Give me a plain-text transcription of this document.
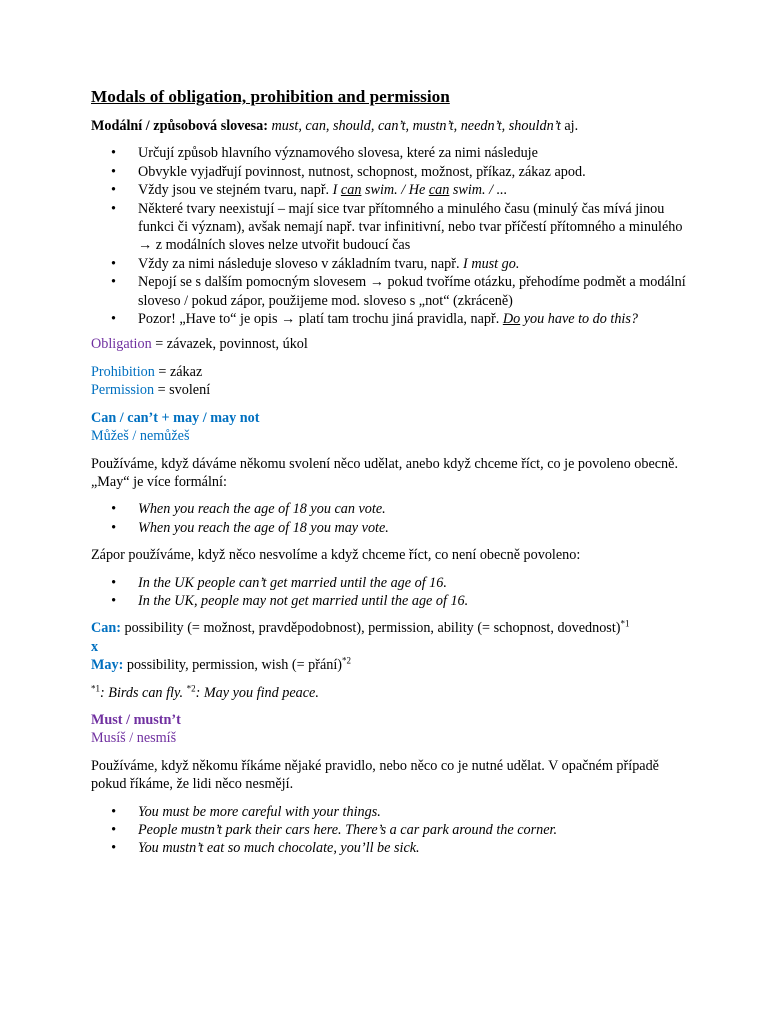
Modals of obligation, prohibition and permission

Modální / způsobová slovesa: must, can, should, can’t, mustn’t, needn’t, shouldn’t aj.

• Určují způsob hlavního významového slovesa, které za nimi následuje
• Obvykle vyjadřují povinnost, nutnost, schopnost, možnost, příkaz, zákaz apod.
• Vždy jsou ve stejném tvaru, např. I can swim. / He can swim. / ...
• Některé tvary neexistují – mají sice tvar přítomného a minulého času (minulý čas mívá jinou funkci či význam), avšak nemají např. tvar infinitivní, nebo tvar příčestí přítomného a minulého → z modálních sloves nelze utvořit budoucí čas
• Vždy za nimi následuje sloveso v základním tvaru, např. I must go.
• Nepojí se s dalším pomocným slovesem → pokud tvoříme otázku, přehodíme podmět a modální sloveso / pokud zápor, použijeme mod. sloveso s „not“ (zkráceně)
• Pozor! „Have to“ je opis → platí tam trochu jiná pravidla, např. Do you have to do this?

Obligation = závazek, povinnost, úkol

Prohibition = zákaz

Permission = svolení

Can / can’t + may / may not

Můžeš / nemůžeš

Používáme, když dáváme někomu svolení něco udělat, anebo když chceme říct, co je povoleno obecně. „May“ je více formální:

• When you reach the age of 18 you can vote.
• When you reach the age of 18 you may vote.

Zápor používáme, když něco nesvolíme a když chceme říct, co není obecně povoleno:

• In the UK people can’t get married until the age of 16.
• In the UK, people may not get married until the age of 16.

Can: possibility (= možnost, pravděpodobnost), permission, ability (= schopnost, dovednost)$^{*1}$

x

May: possibility, permission, wish (= přání)$^{*2}$

$^{*1}$: Birds can fly. $^{*2}$: May you find peace.

Must / mustn’t

Musíš / nesmíš

Používáme, když někomu říkáme nějaké pravidlo, nebo něco co je nutné udělat. V opačném případě pokud říkáme, že lidi něco nesmějí.

• You must be more careful with your things.
• People mustn’t park their cars here. There’s a car park around the corner.
• You mustn’t eat so much chocolate, you’ll be sick.
